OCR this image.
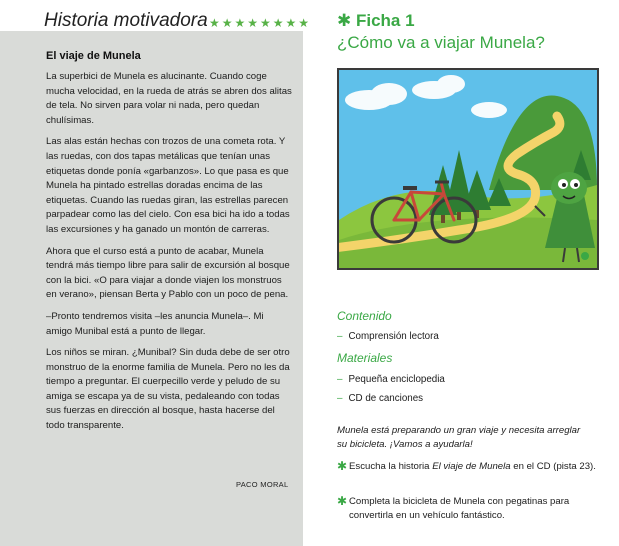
Historia motivadora ★★★★★★★★
El viaje de Munela

La superbici de Munela es alucinante. Cuando coge mucha velocidad, en la rueda de atrás se abren dos alitas de tela. No sirven para volar ni nada, pero quedan chulísimas.

Las alas están hechas con trozos de una cometa rota. Y las ruedas, con dos tapas metálicas que tenían unas etiquetas donde ponía «garbanzos». Lo que pasa es que Munela ha pintado estrellas doradas encima de las etiquetas. Cuando las ruedas giran, las estrellas parecen parpadear como las del cielo. Con esa bici ha ido a todas las excursiones y ha ganado un montón de carreras.

Ahora que el curso está a punto de acabar, Munela tendrá más tiempo libre para salir de excursión al bosque con la bici. «O para viajar a donde viajen los monstruos en verano», piensan Berta y Pablo con un poco de pena.

–Pronto tendremos visita –les anuncia Munela–. Mi amigo Munibal está a punto de llegar.

Los niños se miran. ¿Munibal? Sin duda debe de ser otro monstruo de la enorme familia de Munela. Pero no les da tiempo a preguntar. El cuerpecillo verde y peludo de su amiga se escapa ya de su vista, pedaleando con todas sus fuerzas en dirección al bosque, hasta hacerse del todo transparente.

PACO MORAL
✱ Ficha 1
¿Cómo va a viajar Munela?
Contenido
– Comprensión lectora
Materiales
– Pequeña enciclopedia
– CD de canciones
Munela está preparando un gran viaje y necesita arreglar su bicicleta. ¡Vamos a ayudarla!
✱ Escucha la historia El viaje de Munela en el CD (pista 23).
✱ Completa la bicicleta de Munela con pegatinas para convertirla en un vehículo fantástico.
